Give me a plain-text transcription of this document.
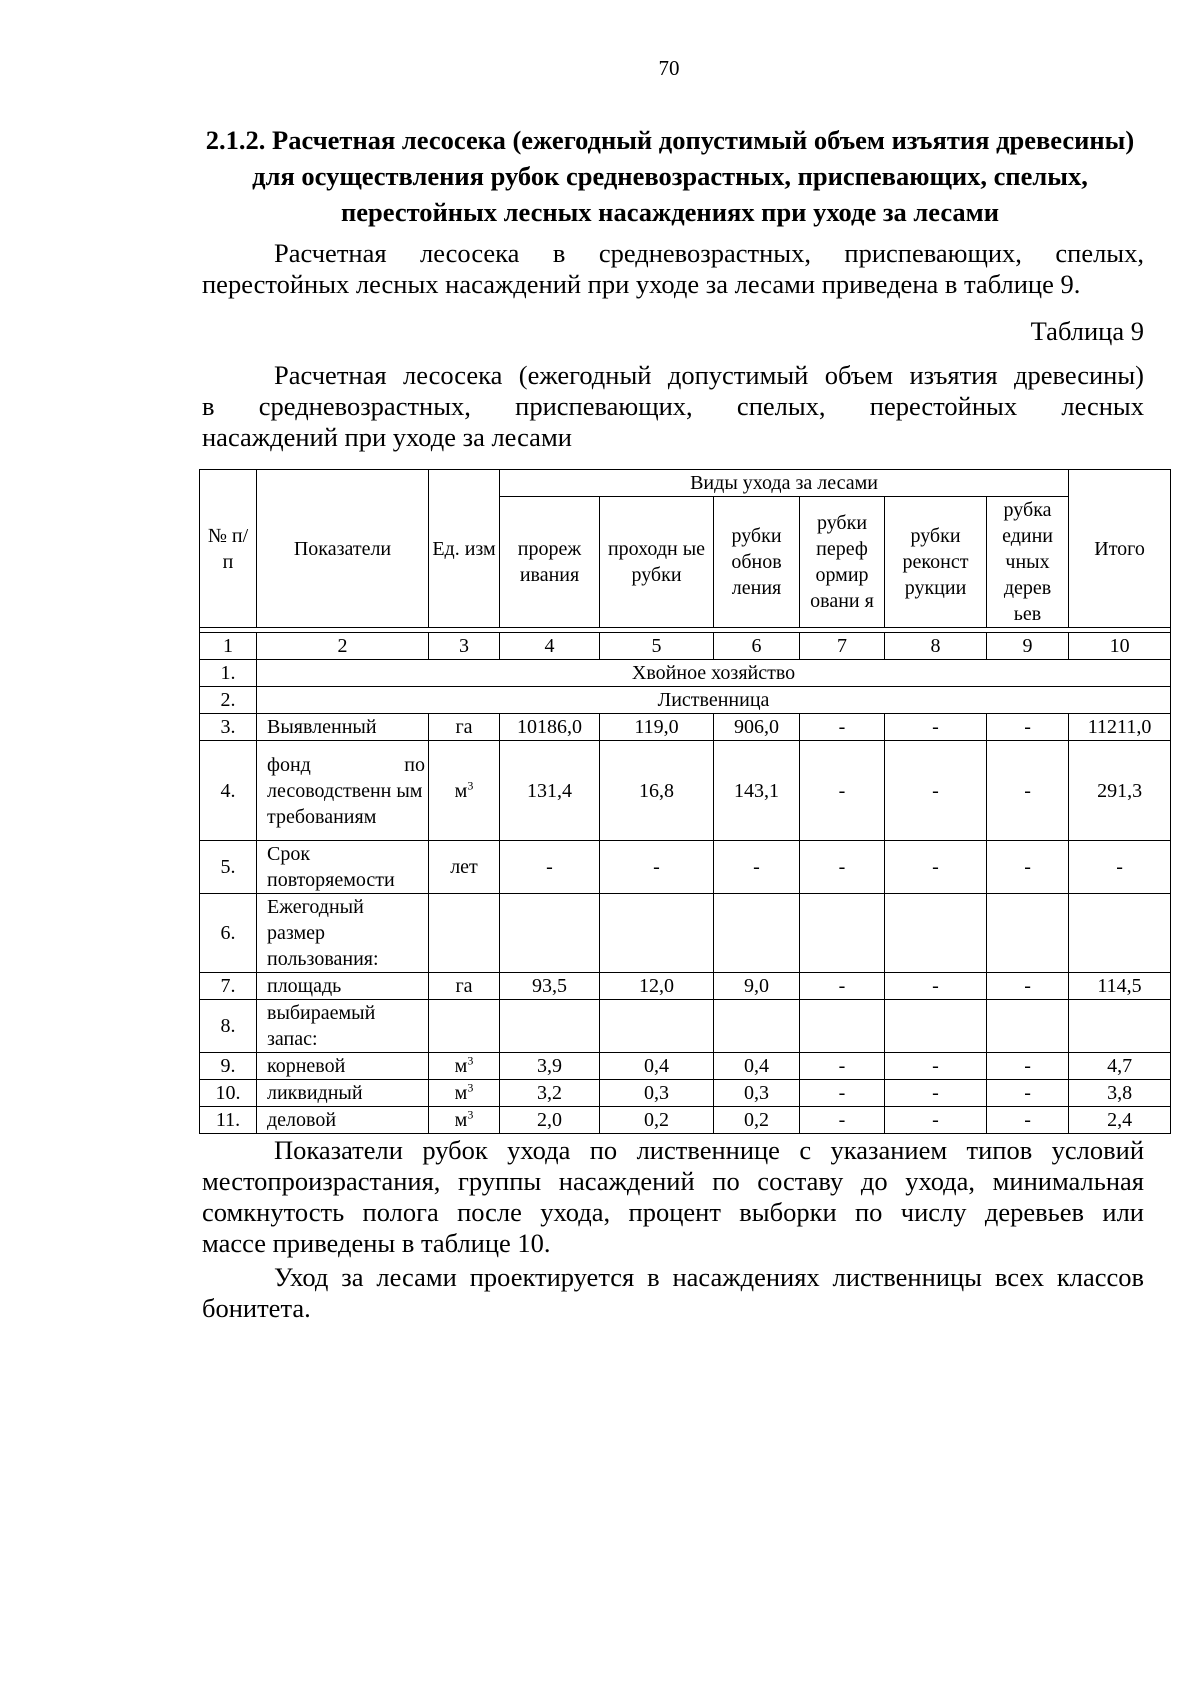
70
2.1.2. Расчетная лесосека (ежегодный допустимый объем изъятия древесины) для осуществления рубок средневозрастных, приспевающих, спелых, перестойных лесных насаждениях при уходе за лесами

Расчетная лесосека в средневозрастных, приспевающих, спелых,
перестойных лесных насаждений при уходе за лесами приведена в таблице 9.

Таблица 9

Расчетная лесосека (ежегодный допустимый объем изъятия древесины)
в средневозрастных, приспевающих, спелых, перестойных лесных
насаждений при уходе за лесами

№ п/п	Показатели	Ед. изм	Виды ухода за лесами						Итого
			прореж ивания	проходн ые рубки	рубки обнов ления	рубки переф ормир овани я	рубки реконст рукции	рубка едини чных дерев ьев	

1	2	3	4	5	6	7	8	9	10
1.	Хвойное хозяйство								
2.	Лиственница								
3.	Выявленный	га	10186,0	119,0	906,0	-	-	-	11211,0
4.	фонд по
лесоводственн ым требованиям	$м^3$	131,4	16,8	143,1	-	-	-	291,3
5.	Срок повторяемости	лет	-	-	-	-	-	-	-
6.	Ежегодный размер пользования:								
7.	площадь	га	93,5	12,0	9,0	-	-	-	114,5
8.	выбираемый запас:								
9.	корневой	$м^3$	3,9	0,4	0,4	-	-	-	4,7
10.	ликвидный	$м^3$	3,2	0,3	0,3	-	-	-	3,8
11.	деловой	$м^3$	2,0	0,2	0,2	-	-	-	2,4

Показатели рубок ухода по лиственнице с указанием типов условий
местопроизрастания, группы насаждений по составу до ухода, минимальная
сомкнутость полога после ухода, процент выборки по числу деревьев или
массе приведены в таблице 10.

Уход за лесами проектируется в насаждениях лиственницы всех классов
бонитета.
